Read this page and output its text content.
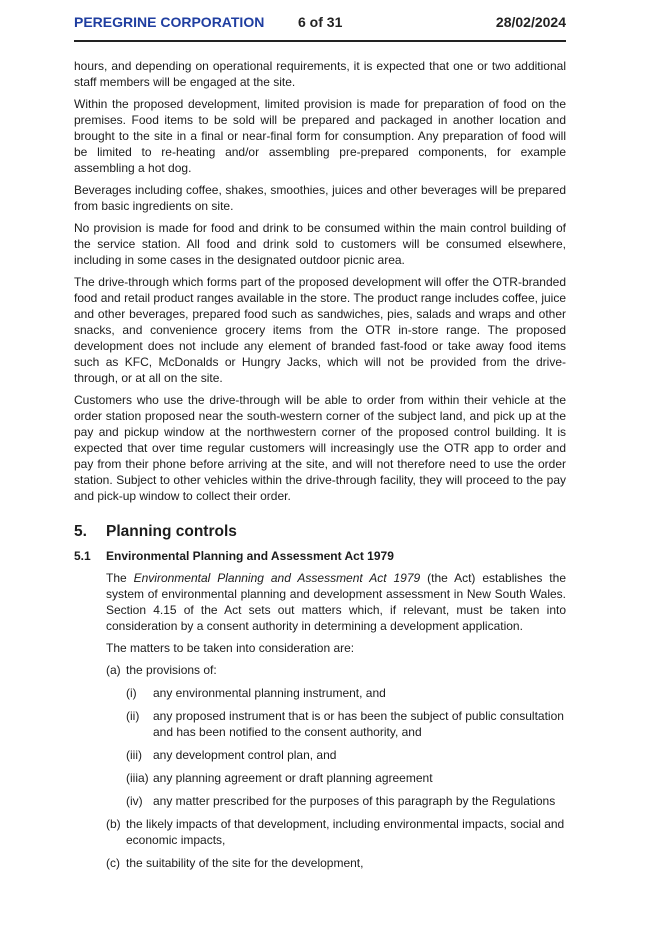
PEREGRINE CORPORATION 6 of 31	28/02/2024

hours, and depending on operational requirements, it is expected that one or two additional staff members will be engaged at the site.

Within the proposed development, limited provision is made for preparation of food on the premises. Food items to be sold will be prepared and packaged in another location and brought to the site in a final or near-final form for consumption. Any preparation of food will be limited to re-heating and/or assembling pre-prepared components, for example assembling a hot dog.

Beverages including coffee, shakes, smoothies, juices and other beverages will be prepared from basic ingredients on site.

No provision is made for food and drink to be consumed within the main control building of the service station. All food and drink sold to customers will be consumed elsewhere, including in some cases in the designated outdoor picnic area.

The drive-through which forms part of the proposed development will offer the OTR-branded food and retail product ranges available in the store. The product range includes coffee, juice and other beverages, prepared food such as sandwiches, pies, salads and wraps and other snacks, and convenience grocery items from the OTR in-store range. The proposed development does not include any element of branded fast-food or take away food items such as KFC, McDonalds or Hungry Jacks, which will not be provided from the drive-through, or at all on the site.

Customers who use the drive-through will be able to order from within their vehicle at the order station proposed near the south-western corner of the subject land, and pick up at the pay and pickup window at the northwestern corner of the proposed control building. It is expected that over time regular customers will increasingly use the OTR app to order and pay from their phone before arriving at the site, and will not therefore need to use the order station. Subject to other vehicles within the drive-through facility, they will proceed to the pay and pick-up window to collect their order.

5. Planning controls
5.1 Environmental Planning and Assessment Act 1979

The Environmental Planning and Assessment Act 1979 (the Act) establishes the system of environmental planning and development assessment in New South Wales. Section 4.15 of the Act sets out matters which, if relevant, must be taken into consideration by a consent authority in determining a development application.

The matters to be taken into consideration are:

(a) the provisions of:
(i) any environmental planning instrument, and
(ii) any proposed instrument that is or has been the subject of public consultation and has been notified to the consent authority, and
(iii) any development control plan, and
(iiia) any planning agreement or draft planning agreement
(iv) any matter prescribed for the purposes of this paragraph by the Regulations
(b) the likely impacts of that development, including environmental impacts, social and economic impacts,
(c) the suitability of the site for the development,
